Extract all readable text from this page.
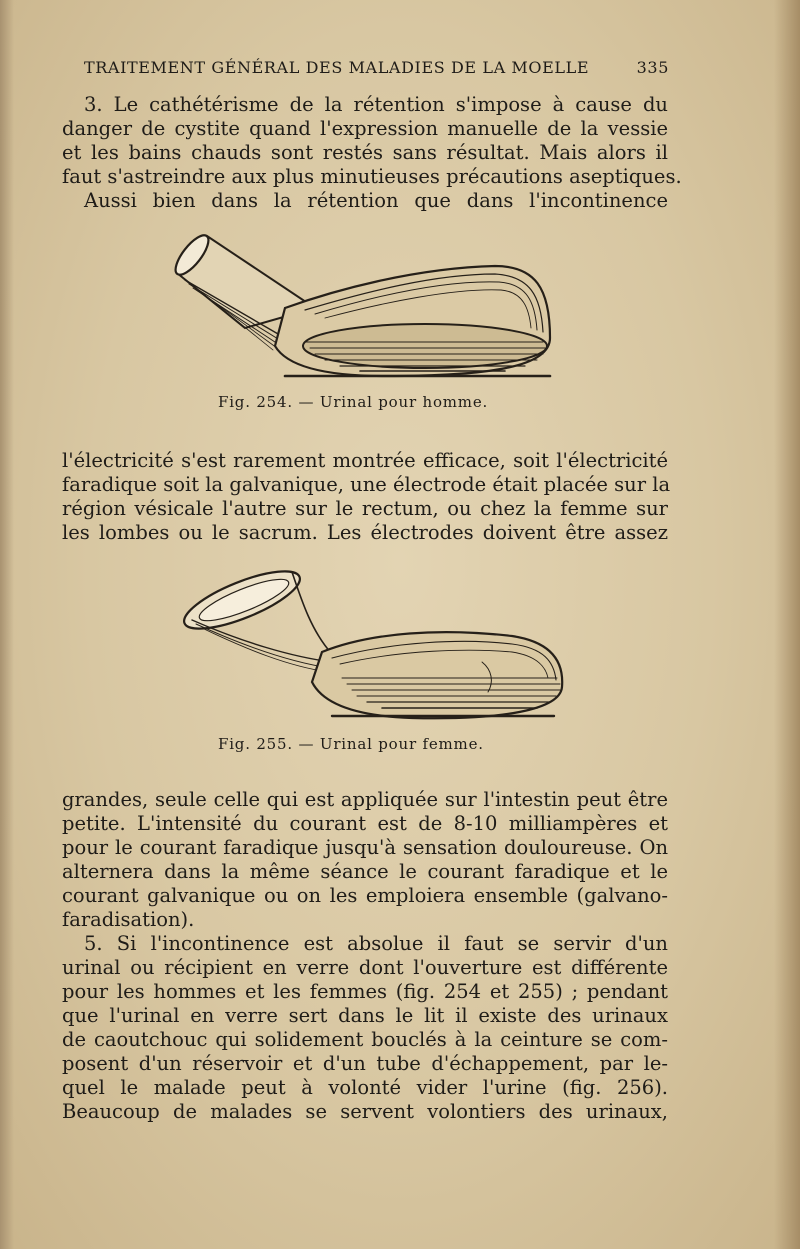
TRAITEMENT GÉNÉRAL DES MALADIES DE LA MOELLE	335
3. Le cathétérisme de la rétention s'impose à cause du
danger de cystite quand l'expression manuelle de la vessie
et les bains chauds sont restés sans résultat. Mais alors il
faut s'astreindre aux plus minutieuses précautions aseptiques.
Aussi bien dans la rétention que dans l'incontinence
Fig. 254. — Urinal pour homme.
l'électricité s'est rarement montrée efficace, soit l'électricité
faradique soit la galvanique, une électrode était placée sur la
région vésicale l'autre sur le rectum, ou chez la femme sur
les lombes ou le sacrum. Les électrodes doivent être assez
Fig. 255. — Urinal pour femme.
grandes, seule celle qui est appliquée sur l'intestin peut être
petite. L'intensité du courant est de 8-10 milliampères et
pour le courant faradique jusqu'à sensation douloureuse. On
alternera dans la même séance le courant faradique et le
courant galvanique ou on les emploiera ensemble (galvano-
faradisation).
5. Si l'incontinence est absolue il faut se servir d'un
urinal ou récipient en verre dont l'ouverture est différente
pour les hommes et les femmes (fig. 254 et 255) ; pendant
que l'urinal en verre sert dans le lit il existe des urinaux
de caoutchouc qui solidement bouclés à la ceinture se com-
posent d'un réservoir et d'un tube d'échappement, par le-
quel le malade peut à volonté vider l'urine (fig. 256).
Beaucoup de malades se servent volontiers des urinaux,
